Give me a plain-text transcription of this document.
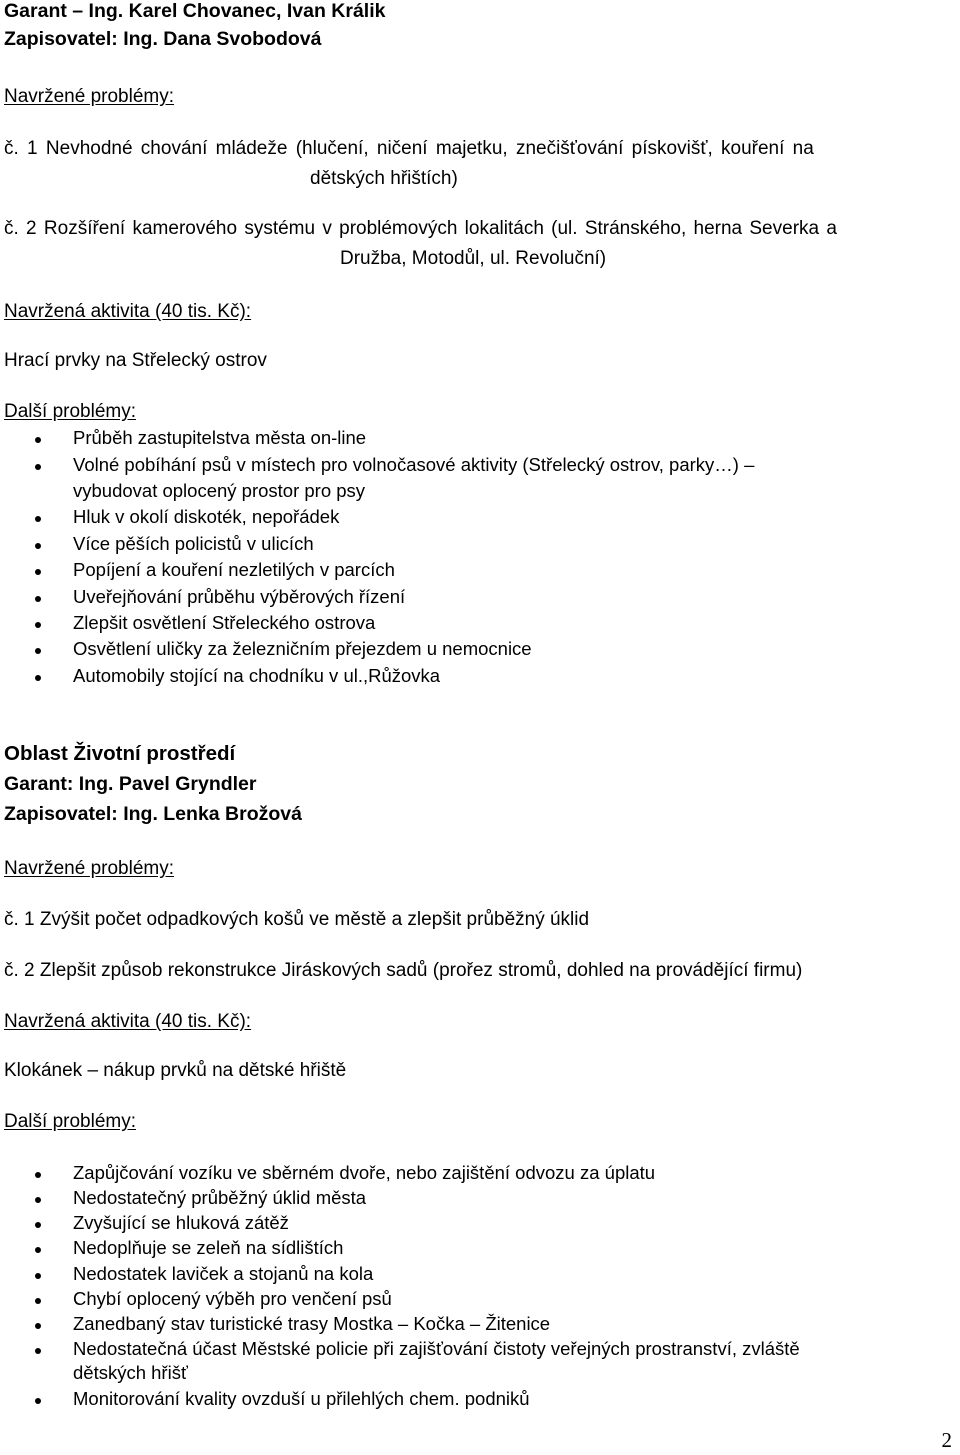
Garant – Ing. Karel Chovanec, Ivan Králik
Zapisovatel: Ing. Dana Svobodová
Navržené problémy:
č. 1 Nevhodné chování mládeže (hlučení, ničení majetku, znečišťování pískovišť, kouření na
dětských hřištích)
č. 2 Rozšíření kamerového systému v problémových lokalitách (ul. Stránského, herna Severka a
Družba, Motodůl, ul. Revoluční)
Navržená aktivita (40 tis. Kč):
Hrací prvky na Střelecký ostrov
Další problémy:
Průběh zastupitelstva města on-line
Volné pobíhání psů v místech pro volnočasové aktivity (Střelecký ostrov, parky…) –
vybudovat oplocený prostor pro psy
Hluk v okolí diskoték, nepořádek
Více pěších policistů v ulicích
Popíjení a kouření nezletilých v parcích
Uveřejňování průběhu výběrových řízení
Zlepšit osvětlení Střeleckého ostrova
Osvětlení uličky za železničním přejezdem u nemocnice
Automobily stojící na chodníku v ul.,Růžovka
Oblast Životní prostředí
Garant: Ing. Pavel Gryndler
Zapisovatel: Ing. Lenka Brožová
Navržené problémy:
č. 1 Zvýšit počet odpadkových košů ve městě a zlepšit průběžný úklid
č. 2 Zlepšit způsob rekonstrukce Jiráskových sadů (prořez stromů, dohled na provádějící firmu)
Navržená aktivita (40 tis. Kč):
Klokánek – nákup prvků na dětské hřiště
Další problémy:
Zapůjčování vozíku ve sběrném dvoře, nebo zajištění odvozu za úplatu
Nedostatečný průběžný úklid města
Zvyšující se hluková zátěž
Nedoplňuje se zeleň na sídlištích
Nedostatek laviček a stojanů na kola
Chybí oplocený výběh pro venčení psů
Zanedbaný stav turistické trasy Mostka – Kočka – Žitenice
Nedostatečná účast Městské policie při zajišťování čistoty veřejných prostranství, zvláště
dětských hřišť
Monitorování kvality ovzduší u přilehlých chem. podniků
2
